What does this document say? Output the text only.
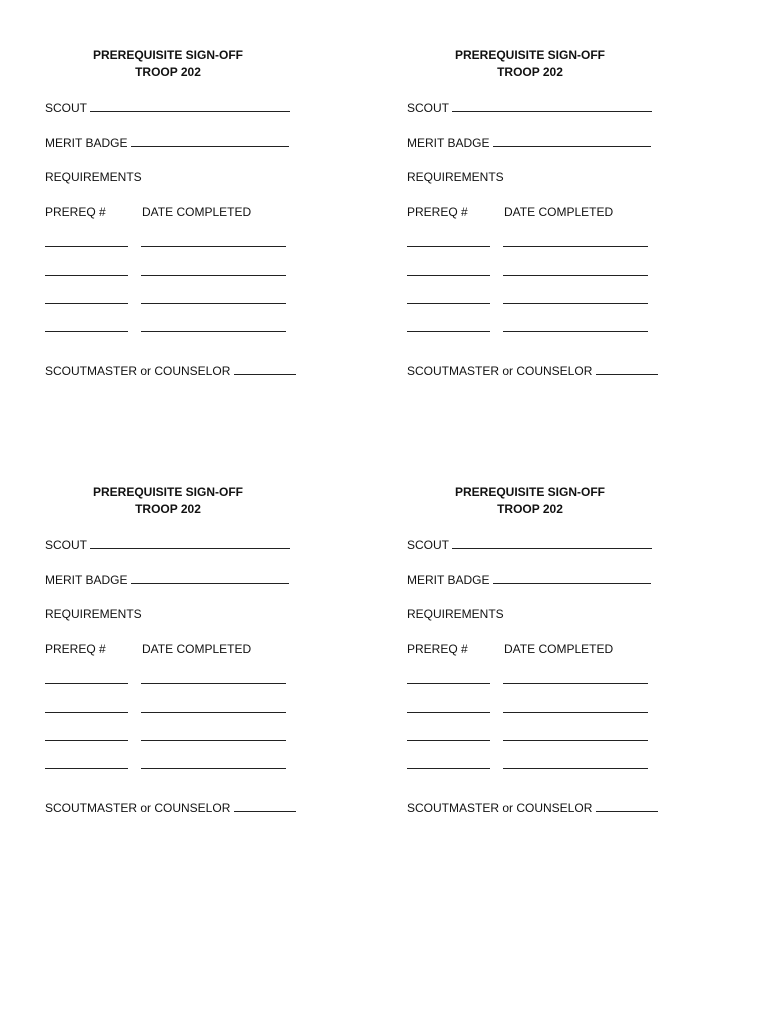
PREREQUISITE SIGN-OFF
TROOP 202
SCOUT
MERIT BADGE
REQUIREMENTS
PREREQ #	DATE COMPLETED
SCOUTMASTER or COUNSELOR
PREREQUISITE SIGN-OFF
TROOP 202
SCOUT
MERIT BADGE
REQUIREMENTS
PREREQ #	DATE COMPLETED
SCOUTMASTER or COUNSELOR
PREREQUISITE SIGN-OFF
TROOP 202
SCOUT
MERIT BADGE
REQUIREMENTS
PREREQ #	DATE COMPLETED
SCOUTMASTER or COUNSELOR
PREREQUISITE SIGN-OFF
TROOP 202
SCOUT
MERIT BADGE
REQUIREMENTS
PREREQ #	DATE COMPLETED
SCOUTMASTER or COUNSELOR
